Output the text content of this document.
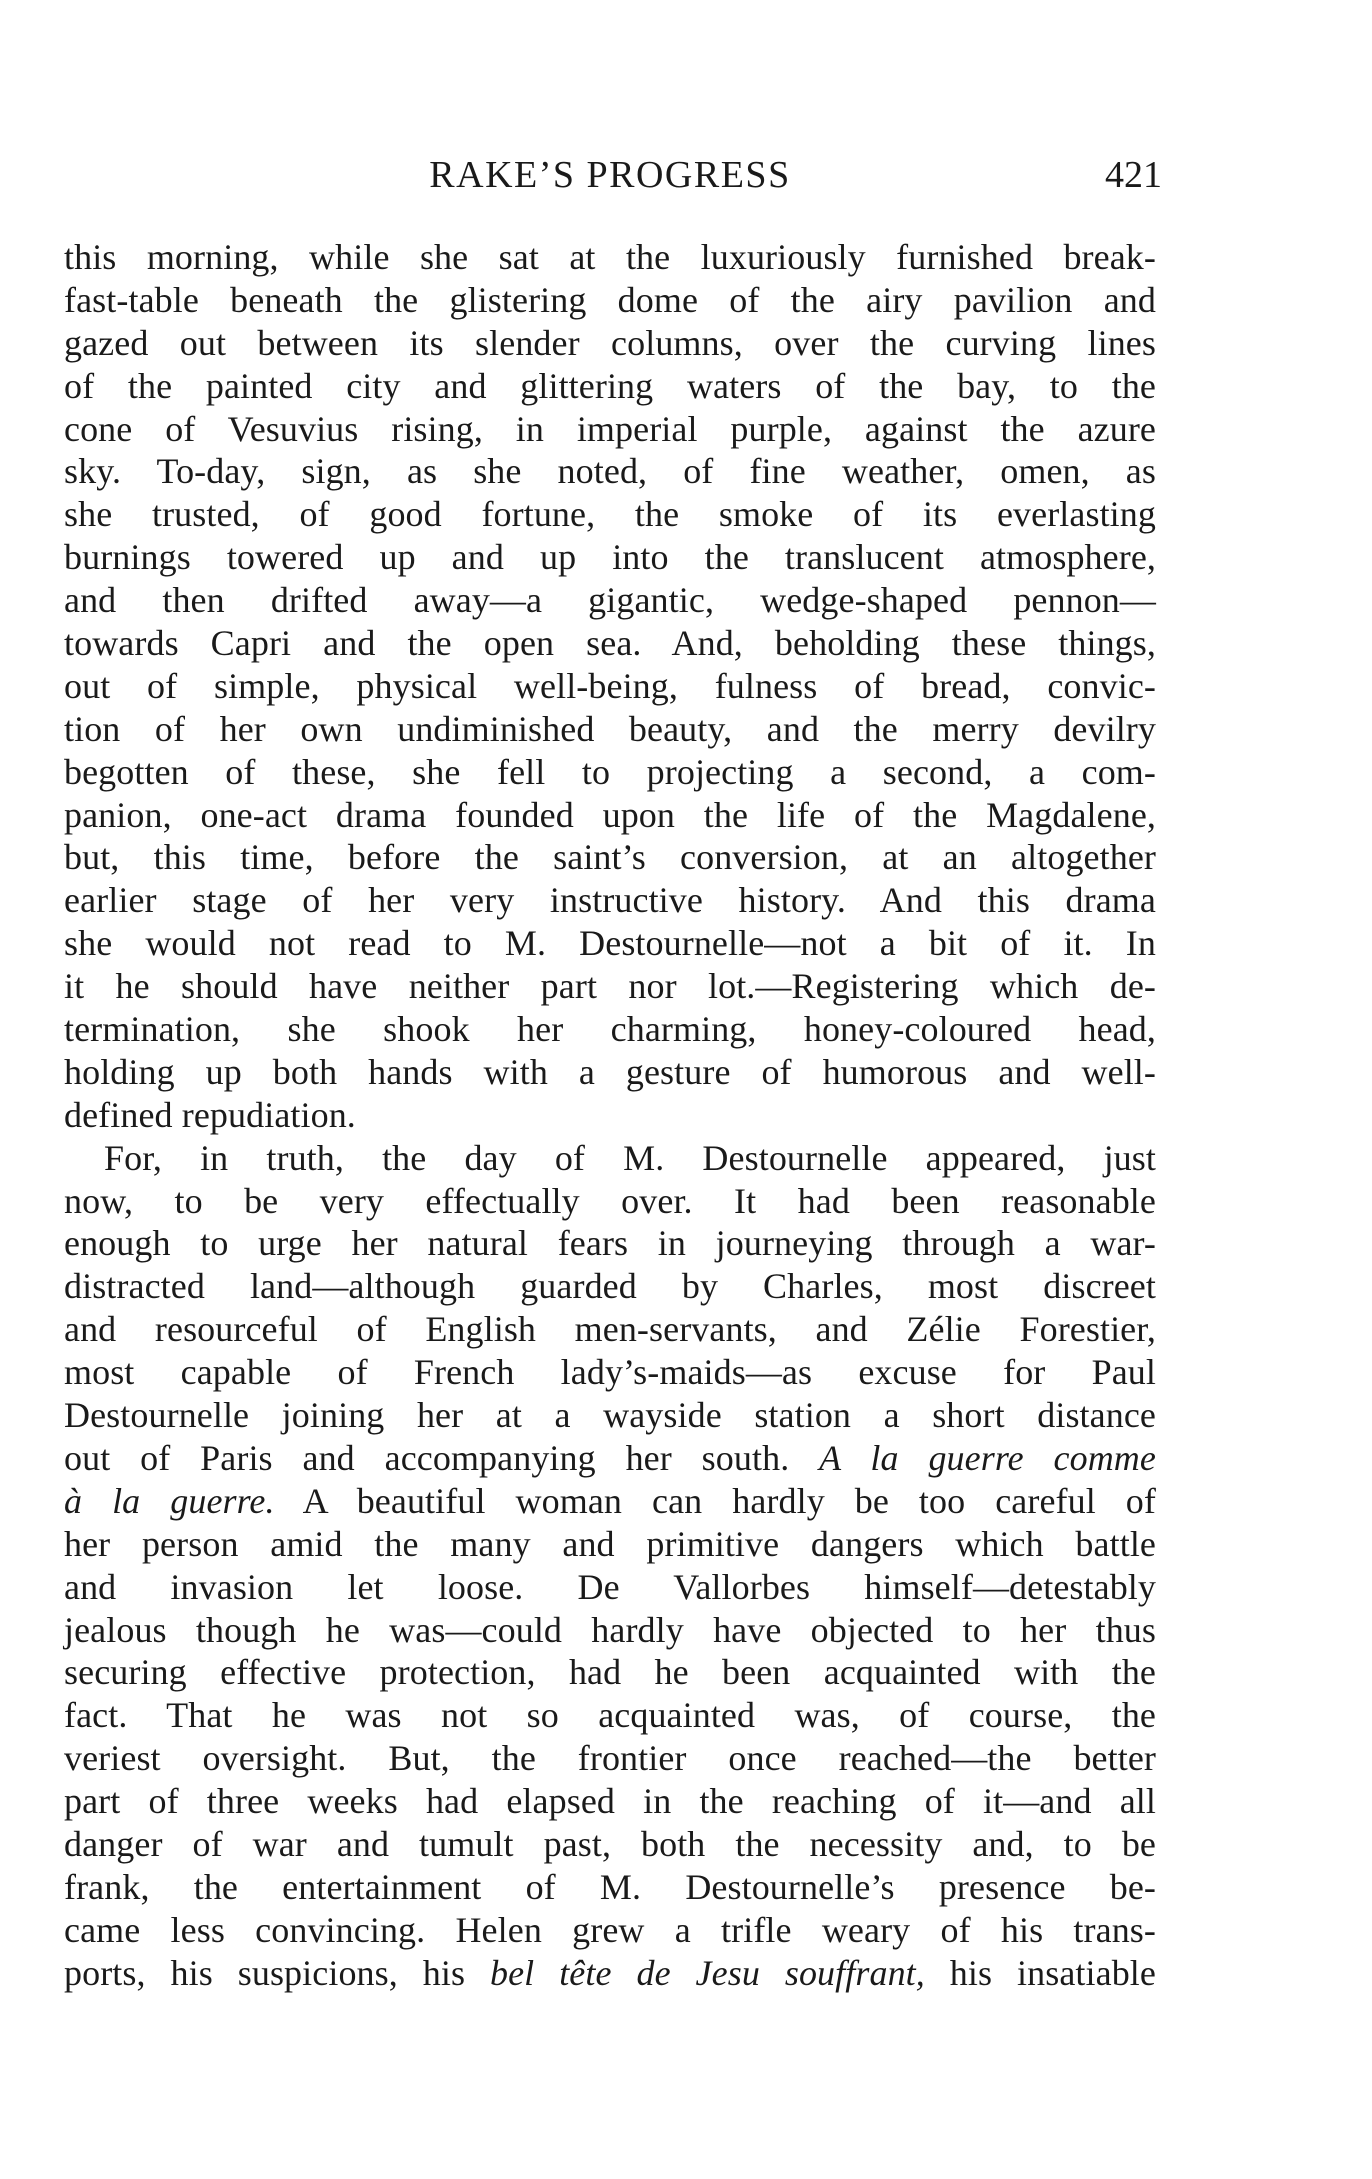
RAKE’S PROGRESS	421
this morning, while she sat at the luxuriously furnished break-
fast-table beneath the glistering dome of the airy pavilion and
gazed out between its slender columns, over the curving lines
of the painted city and glittering waters of the bay, to the
cone of Vesuvius rising, in imperial purple, against the azure
sky. To-day, sign, as she noted, of fine weather, omen, as
she trusted, of good fortune, the smoke of its everlasting
burnings towered up and up into the translucent atmosphere,
and then drifted away—a gigantic, wedge-shaped pennon—
towards Capri and the open sea. And, beholding these things,
out of simple, physical well-being, fulness of bread, convic-
tion of her own undiminished beauty, and the merry devilry
begotten of these, she fell to projecting a second, a com-
panion, one-act drama founded upon the life of the Magdalene,
but, this time, before the saint’s conversion, at an altogether
earlier stage of her very instructive history. And this drama
she would not read to M. Destournelle—not a bit of it. In
it he should have neither part nor lot.—Registering which de-
termination, she shook her charming, honey-coloured head,
holding up both hands with a gesture of humorous and well-
defined repudiation.
For, in truth, the day of M. Destournelle appeared, just
now, to be very effectually over. It had been reasonable
enough to urge her natural fears in journeying through a war-
distracted land—although guarded by Charles, most discreet
and resourceful of English men-servants, and Zélie Forestier,
most capable of French lady’s-maids—as excuse for Paul
Destournelle joining her at a wayside station a short distance
out of Paris and accompanying her south. A la guerre comme
à la guerre. A beautiful woman can hardly be too careful of
her person amid the many and primitive dangers which battle
and invasion let loose. De Vallorbes himself—detestably
jealous though he was—could hardly have objected to her thus
securing effective protection, had he been acquainted with the
fact. That he was not so acquainted was, of course, the
veriest oversight. But, the frontier once reached—the better
part of three weeks had elapsed in the reaching of it—and all
danger of war and tumult past, both the necessity and, to be
frank, the entertainment of M. Destournelle’s presence be-
came less convincing. Helen grew a trifle weary of his trans-
ports, his suspicions, his bel tête de Jesu souffrant, his insatiable
